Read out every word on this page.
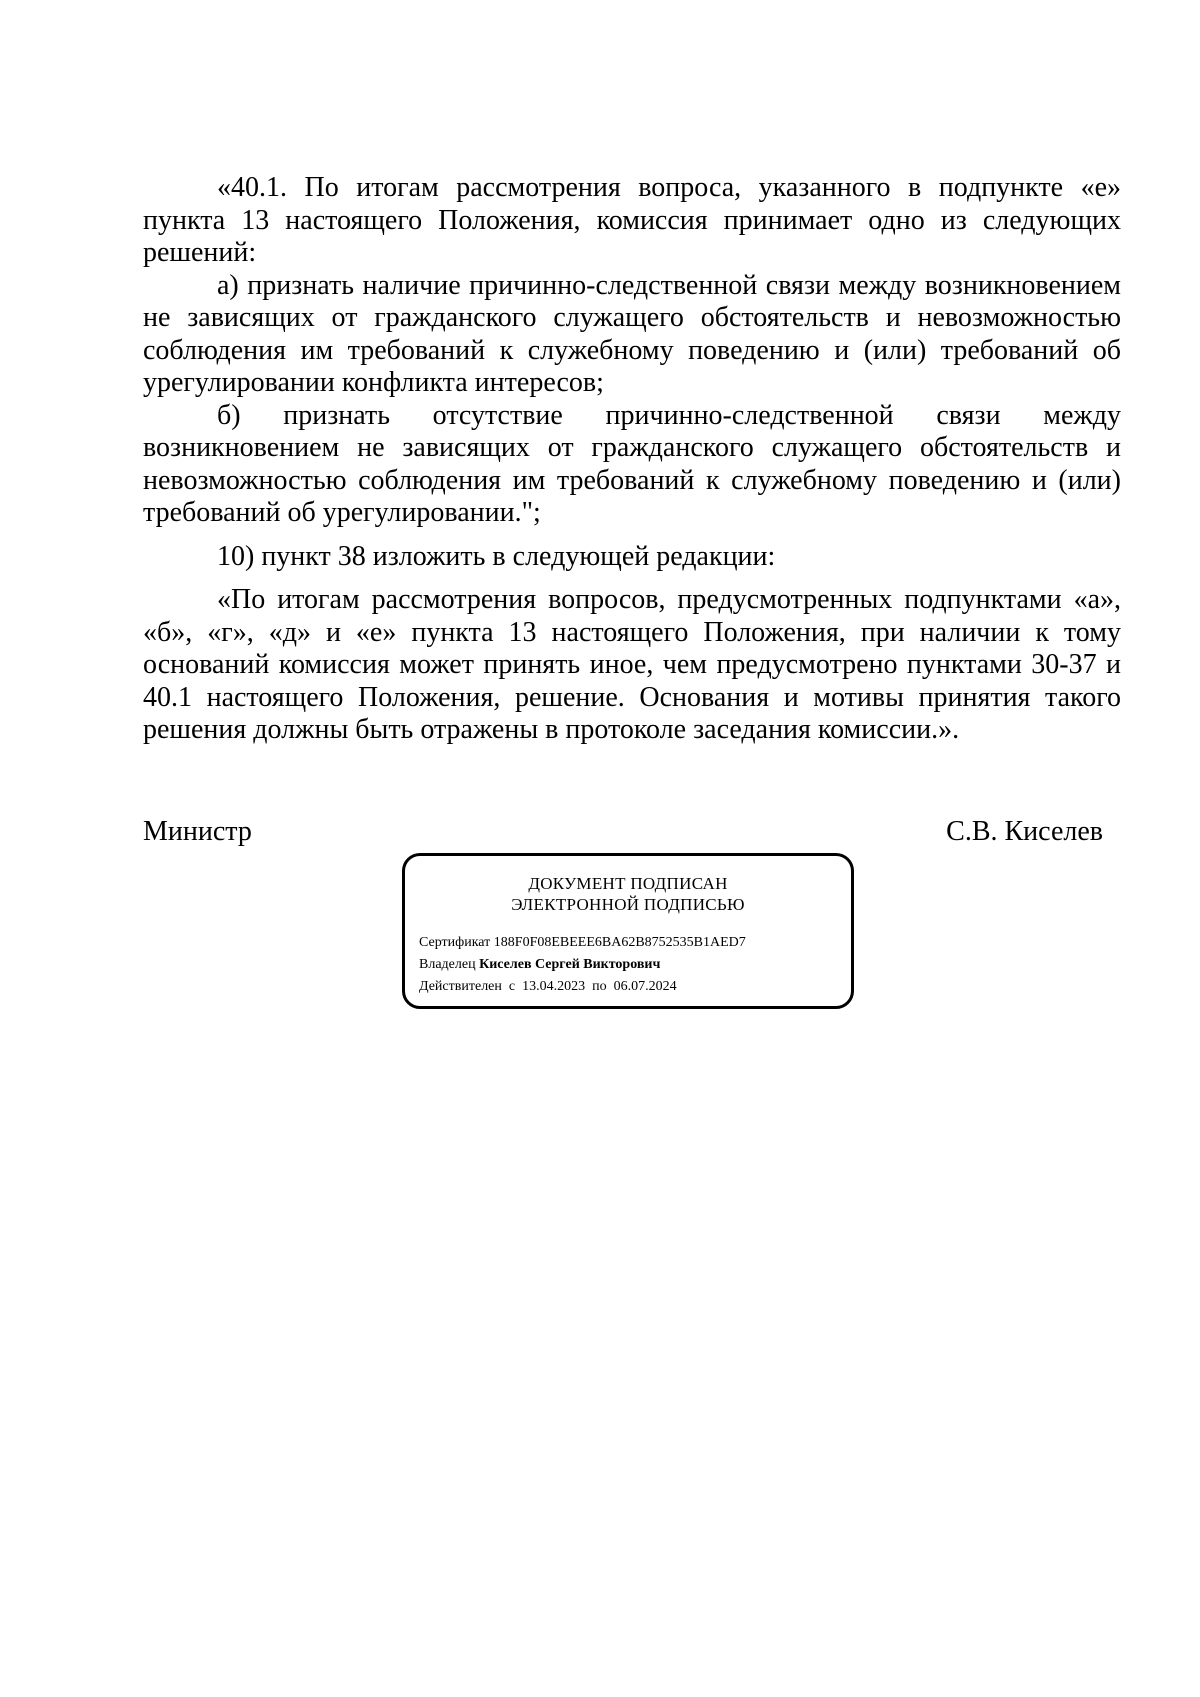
«40.1. По итогам рассмотрения вопроса, указанного в подпункте «е» пункта 13 настоящего Положения, комиссия принимает одно из следующих решений:

а) признать наличие причинно-следственной связи между возникновением не зависящих от гражданского служащего обстоятельств и невозможностью соблюдения им требований к служебному поведению и (или) требований об урегулировании конфликта интересов;

б) признать отсутствие причинно-следственной связи между возникновением не зависящих от гражданского служащего обстоятельств и невозможностью соблюдения им требований к служебному поведению и (или) требований об урегулировании.";

10) пункт 38 изложить в следующей редакции:

«По итогам рассмотрения вопросов, предусмотренных подпунктами «а», «б», «г», «д» и «е» пункта 13 настоящего Положения, при наличии к тому оснований комиссия может принять иное, чем предусмотрено пунктами 30-37 и 40.1 настоящего Положения, решение. Основания и мотивы принятия такого решения должны быть отражены в протоколе заседания комиссии.».

Министр	С.В. Киселев
ДОКУМЕНТ ПОДПИСАН
ЭЛЕКТРОННОЙ ПОДПИСЬЮ
Сертификат 188F0F08EBEEE6BA62B8752535B1AED7
Владелец Киселев Сергей Викторович
Действителен с 13.04.2023 по 06.07.2024
